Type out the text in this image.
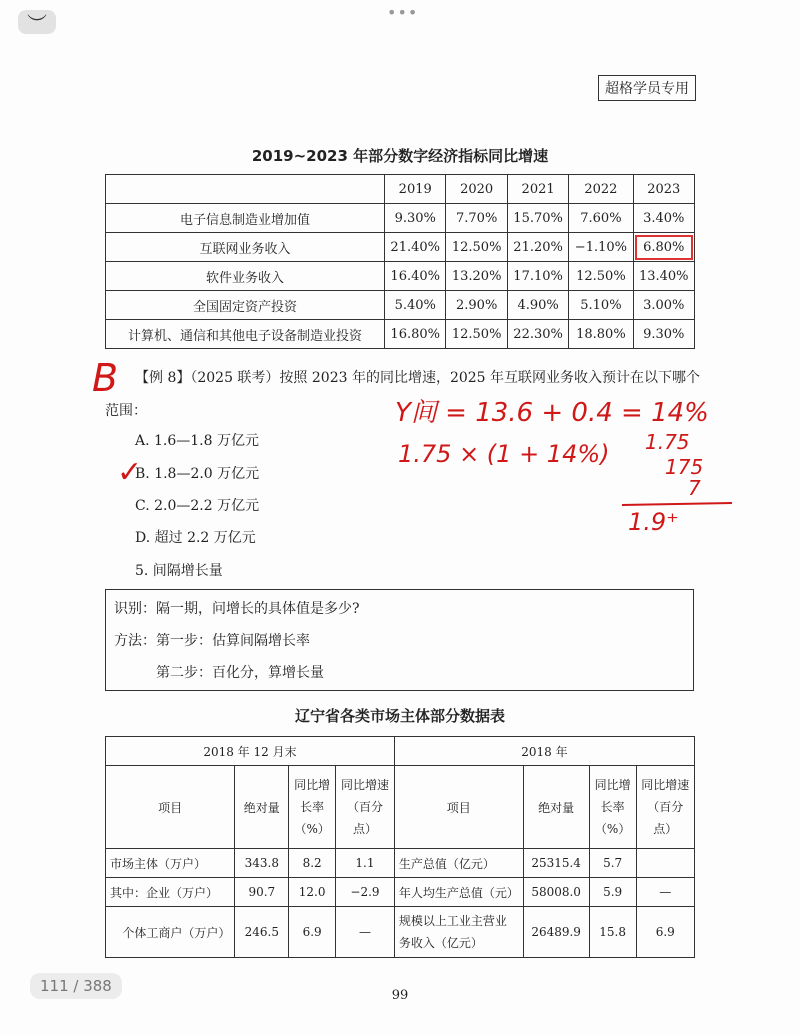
︶	•••
超格学员专用
2019~2023 年部分数字经济指标同比增速
	2019	2020	2021	2022	2023
电子信息制造业增加值	9.30%	7.70%	15.70%	7.60%	3.40%
互联网业务收入	21.40%	12.50%	21.20%	−1.10%	6.80%
软件业务收入	16.40%	13.20%	17.10%	12.50%	13.40%
全国固定资产投资	5.40%	2.90%	4.90%	5.10%	3.00%
计算机、通信和其他电子设备制造业投资	16.80%	12.50%	22.30%	18.80%	9.30%
【例 8】（2025 联考）按照 2023 年的同比增速，2025 年互联网业务收入预计在以下哪个
范围：
A. 1.6—1.8 万亿元
B. 1.8—2.0 万亿元
C. 2.0—2.2 万亿元
D. 超过 2.2 万亿元
5. 间隔增长量
识别：隔一期，问增长的具体值是多少?
方法：第一步：估算间隔增长率
第二步：百化分，算增长量
辽宁省各类市场主体部分数据表
2018 年 12 月末				2018 年			
项目	绝对量	同比增长率（%）	同比增速（百分点）	项目	绝对量	同比增长率（%）	同比增速（百分点）
市场主体（万户）	343.8	8.2	1.1	生产总值（亿元）	25315.4	5.7	
其中：企业（万户）	90.7	12.0	−2.9	年人均生产总值（元）	58008.0	5.9	—
个体工商户（万户）	246.5	6.9	—	规模以上工业主营业务收入（亿元）	26489.9	15.8	6.9
99
B
Y间 = 13.6 + 0.4 = 14%
1.75 × (1 + 14%) 1.75
175
7
1.9⁺
✓
111 / 388
